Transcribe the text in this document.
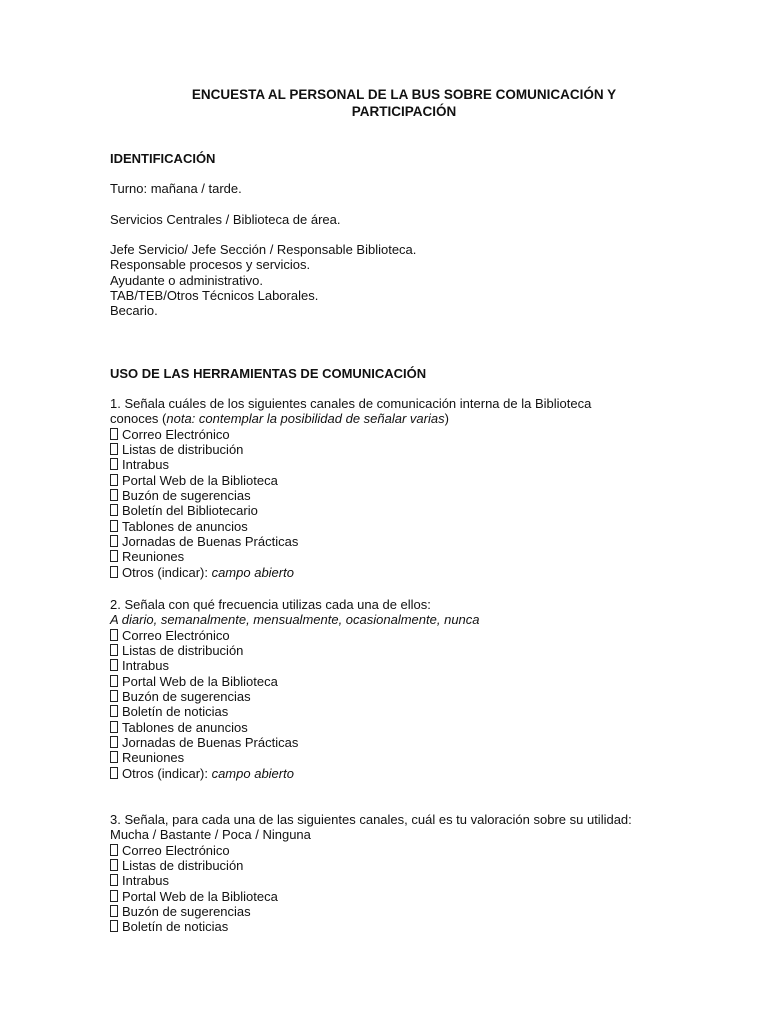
ENCUESTA AL PERSONAL DE LA BUS SOBRE COMUNICACIÓN Y
PARTICIPACIÓN
IDENTIFICACIÓN
Turno: mañana / tarde.
Servicios Centrales / Biblioteca de área.
Jefe Servicio/ Jefe Sección / Responsable Biblioteca.
Responsable procesos y servicios.
Ayudante o administrativo.
TAB/TEB/Otros Técnicos Laborales.
Becario.
USO DE LAS HERRAMIENTAS DE COMUNICACIÓN
1. Señala cuáles de los siguientes canales de comunicación interna de la Biblioteca
conoces (nota: contemplar la posibilidad de señalar varias)
Correo Electrónico
Listas de distribución
Intrabus
Portal Web de la Biblioteca
Buzón de sugerencias
Boletín del Bibliotecario
Tablones de anuncios
Jornadas de Buenas Prácticas
Reuniones
Otros (indicar): campo abierto
2. Señala con qué frecuencia utilizas cada una de ellos:
A diario, semanalmente, mensualmente, ocasionalmente, nunca
Correo Electrónico
Listas de distribución
Intrabus
Portal Web de la Biblioteca
Buzón de sugerencias
Boletín de noticias
Tablones de anuncios
Jornadas de Buenas Prácticas
Reuniones
Otros (indicar): campo abierto
3. Señala, para cada una de las siguientes canales, cuál es tu valoración sobre su utilidad:
Mucha / Bastante / Poca / Ninguna
Correo Electrónico
Listas de distribución
Intrabus
Portal Web de la Biblioteca
Buzón de sugerencias
Boletín de noticias
